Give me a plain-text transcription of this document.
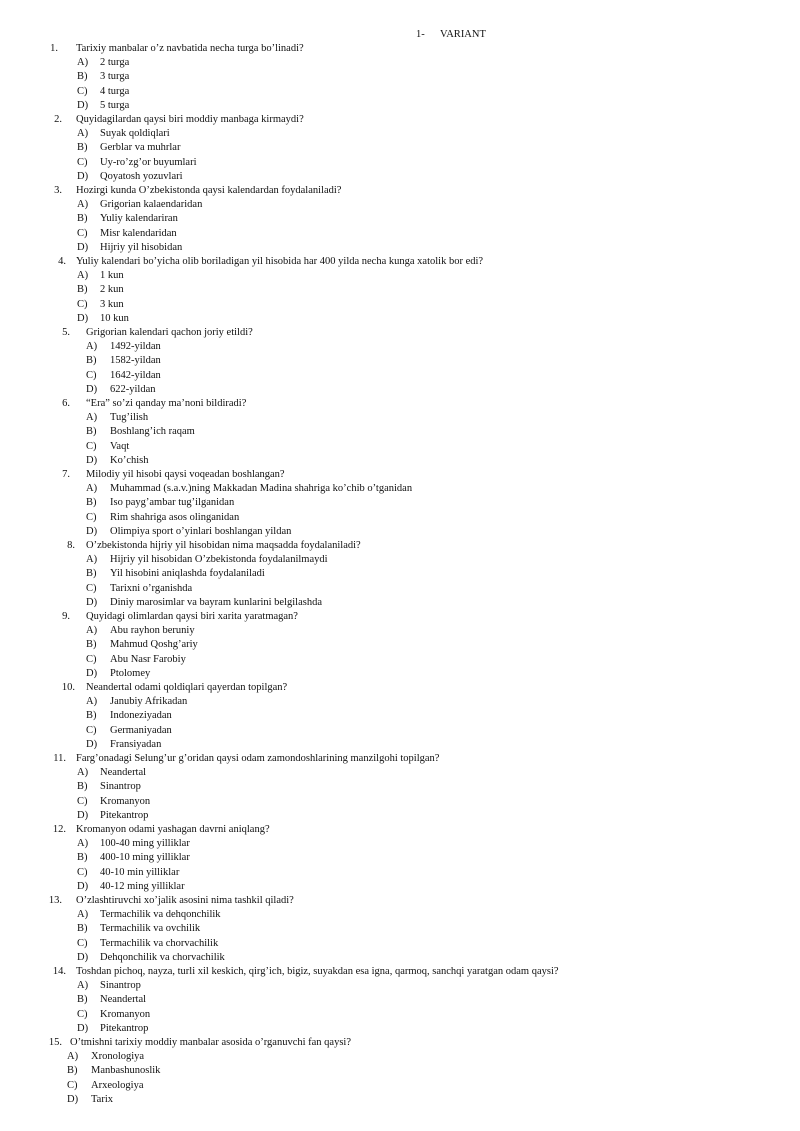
1- VARIANT
1. Tarixiy manbalar o’z navbatida necha turga bo’linadi?
A) 2 turga
B) 3 turga
C) 4 turga
D) 5 turga
2. Quyidagilardan qaysi biri moddiy manbaga kirmaydi?
A) Suyak qoldiqlari
B) Gerblar va muhrlar
C) Uy-ro’zg’or buyumlari
D) Qoyatosh yozuvlari
3. Hozirgi kunda O’zbekistonda qaysi kalendardan foydalaniladi?
A) Grigorian kalaendaridan
B) Yuliy kalendariran
C) Misr kalendaridan
D) Hijriy yil hisobidan
4. Yuliy kalendari bo’yicha olib boriladigan yil hisobida har 400 yilda necha kunga xatolik bor edi?
A) 1 kun
B) 2 kun
C) 3 kun
D) 10 kun
5. Grigorian kalendari qachon joriy etildi?
A) 1492-yildan
B) 1582-yildan
C) 1642-yildan
D) 622-yildan
6. “Era” so’zi qanday ma’noni bildiradi?
A) Tug’ilish
B) Boshlang’ich raqam
C) Vaqt
D) Ko’chish
7. Milodiy yil hisobi qaysi voqeadan boshlangan?
A) Muhammad (s.a.v.)ning Makkadan Madina shahriga ko’chib o’tganidan
B) Iso payg’ambar tug’ilganidan
C) Rim shahriga asos olinganidan
D) Olimpiya sport o’yinlari boshlangan yildan
8. O’zbekistonda hijriy yil hisobidan nima maqsadda foydalaniladi?
A) Hijriy yil hisobidan O’zbekistonda foydalanilmaydi
B) Yil hisobini aniqlashda foydalaniladi
C) Tarixni o’rganishda
D) Diniy marosimlar va bayram kunlarini belgilashda
9. Quyidagi olimlardan qaysi biri xarita yaratmagan?
A) Abu rayhon beruniy
B) Mahmud Qoshg’ariy
C) Abu Nasr Farobiy
D) Ptolomey
10. Neandertal odami qoldiqlari qayerdan topilgan?
A) Janubiy Afrikadan
B) Indoneziyadan
C) Germaniyadan
D) Fransiyadan
11. Farg’onadagi Selung’ur g’oridan qaysi odam zamondoshlarining manzilgohi topilgan?
A) Neandertal
B) Sinantrop
C) Kromanyon
D) Pitekantrop
12. Kromanyon odami yashagan davrni aniqlang?
A) 100-40 ming yilliklar
B) 400-10 ming yilliklar
C) 40-10 min yilliklar
D) 40-12 ming yilliklar
13. O’zlashtiruvchi xo’jalik asosini nima tashkil qiladi?
A) Termachilik va dehqonchilik
B) Termachilik va ovchilik
C) Termachilik va chorvachilik
D) Dehqonchilik va chorvachilik
14. Toshdan pichoq, nayza, turli xil keskich, qirg’ich, bigiz, suyakdan esa igna, qarmoq, sanchqi yaratgan odam qaysi?
A) Sinantrop
B) Neandertal
C) Kromanyon
D) Pitekantrop
15. O’tmishni tarixiy moddiy manbalar asosida o’rganuvchi fan qaysi?
A) Xronologiya
B) Manbashunoslik
C) Arxeologiya
D) Tarix
